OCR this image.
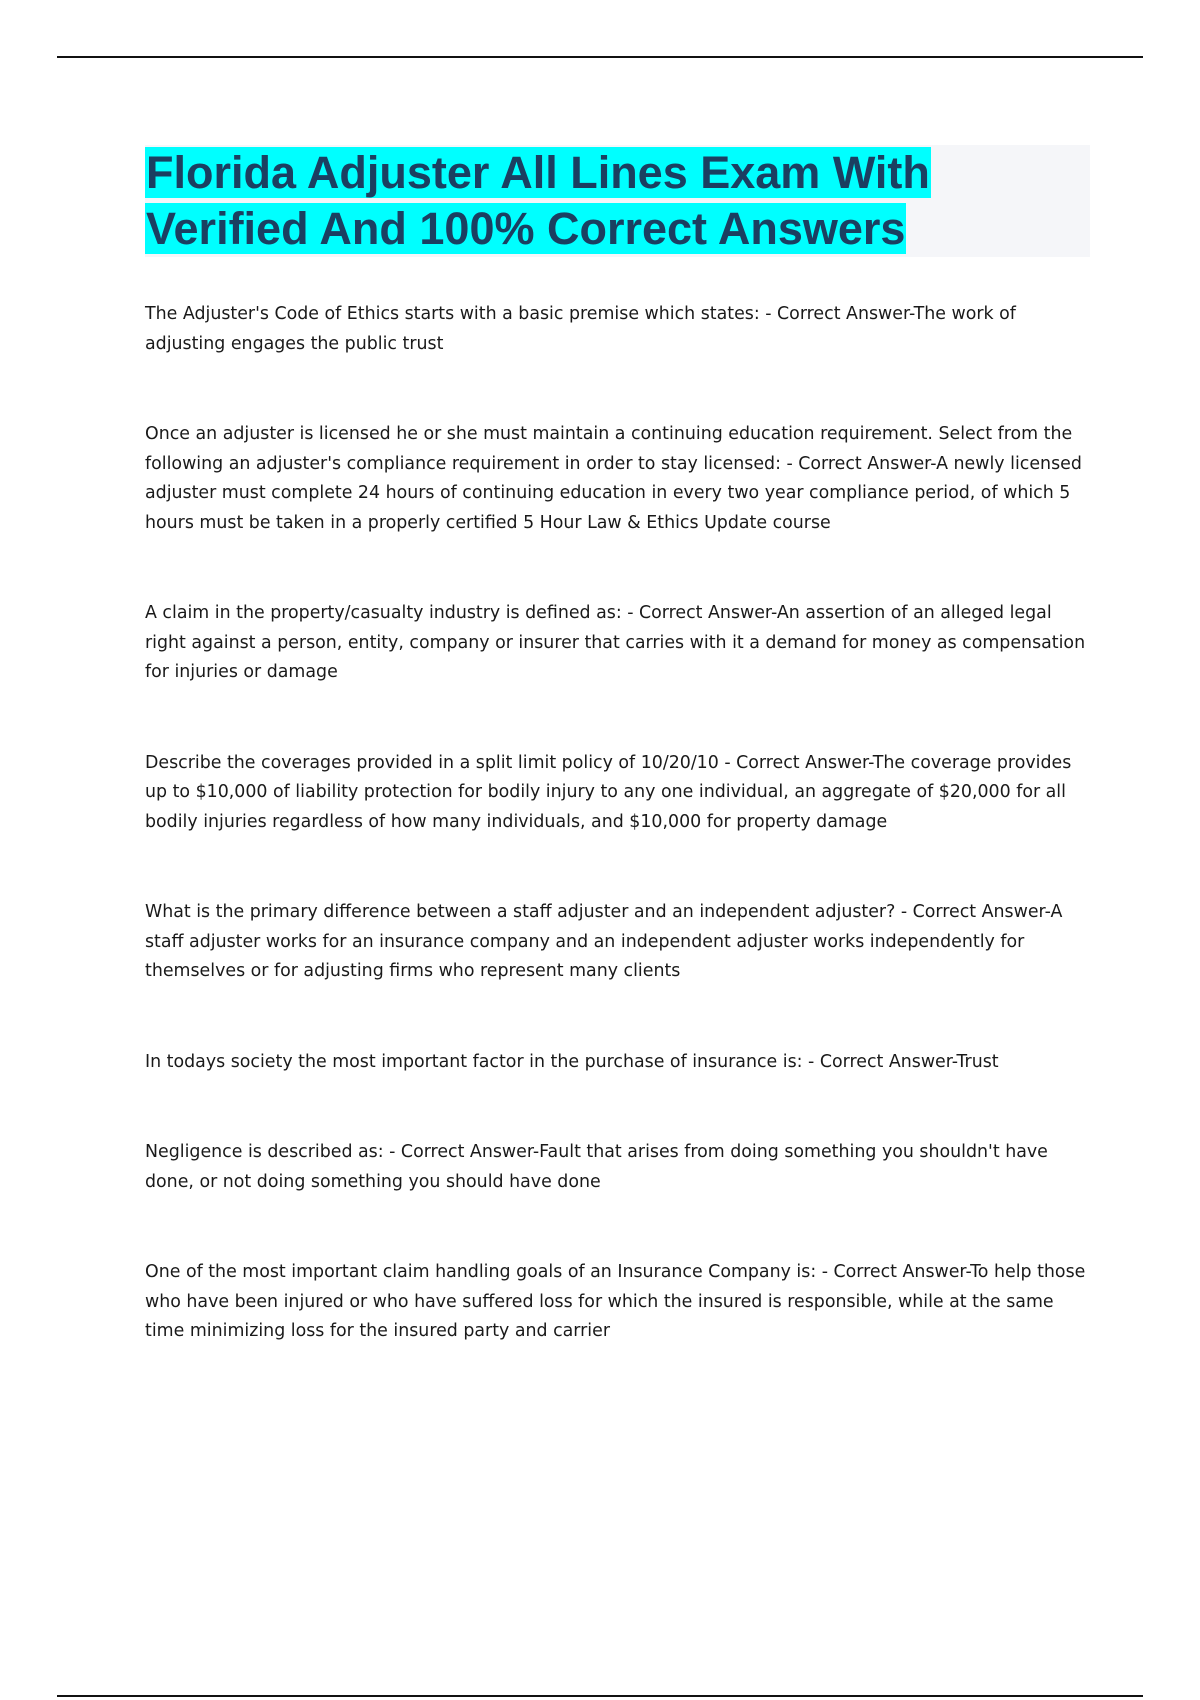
Florida Adjuster All Lines Exam With Verified And 100% Correct Answers
The Adjuster's Code of Ethics starts with a basic premise which states: - Correct Answer-The work of adjusting engages the public trust
Once an adjuster is licensed he or she must maintain a continuing education requirement. Select from the following an adjuster's compliance requirement in order to stay licensed: - Correct Answer-A newly licensed adjuster must complete 24 hours of continuing education in every two year compliance period, of which 5 hours must be taken in a properly certified 5 Hour Law & Ethics Update course
A claim in the property/casualty industry is defined as: - Correct Answer-An assertion of an alleged legal right against a person, entity, company or insurer that carries with it a demand for money as compensation for injuries or damage
Describe the coverages provided in a split limit policy of 10/20/10 - Correct Answer-The coverage provides up to $10,000 of liability protection for bodily injury to any one individual, an aggregate of $20,000 for all bodily injuries regardless of how many individuals, and $10,000 for property damage
What is the primary difference between a staff adjuster and an independent adjuster? - Correct Answer-A staff adjuster works for an insurance company and an independent adjuster works independently for themselves or for adjusting firms who represent many clients
In todays society the most important factor in the purchase of insurance is: - Correct Answer-Trust
Negligence is described as: - Correct Answer-Fault that arises from doing something you shouldn't have done, or not doing something you should have done
One of the most important claim handling goals of an Insurance Company is: - Correct Answer-To help those who have been injured or who have suffered loss for which the insured is responsible, while at the same time minimizing loss for the insured party and carrier
